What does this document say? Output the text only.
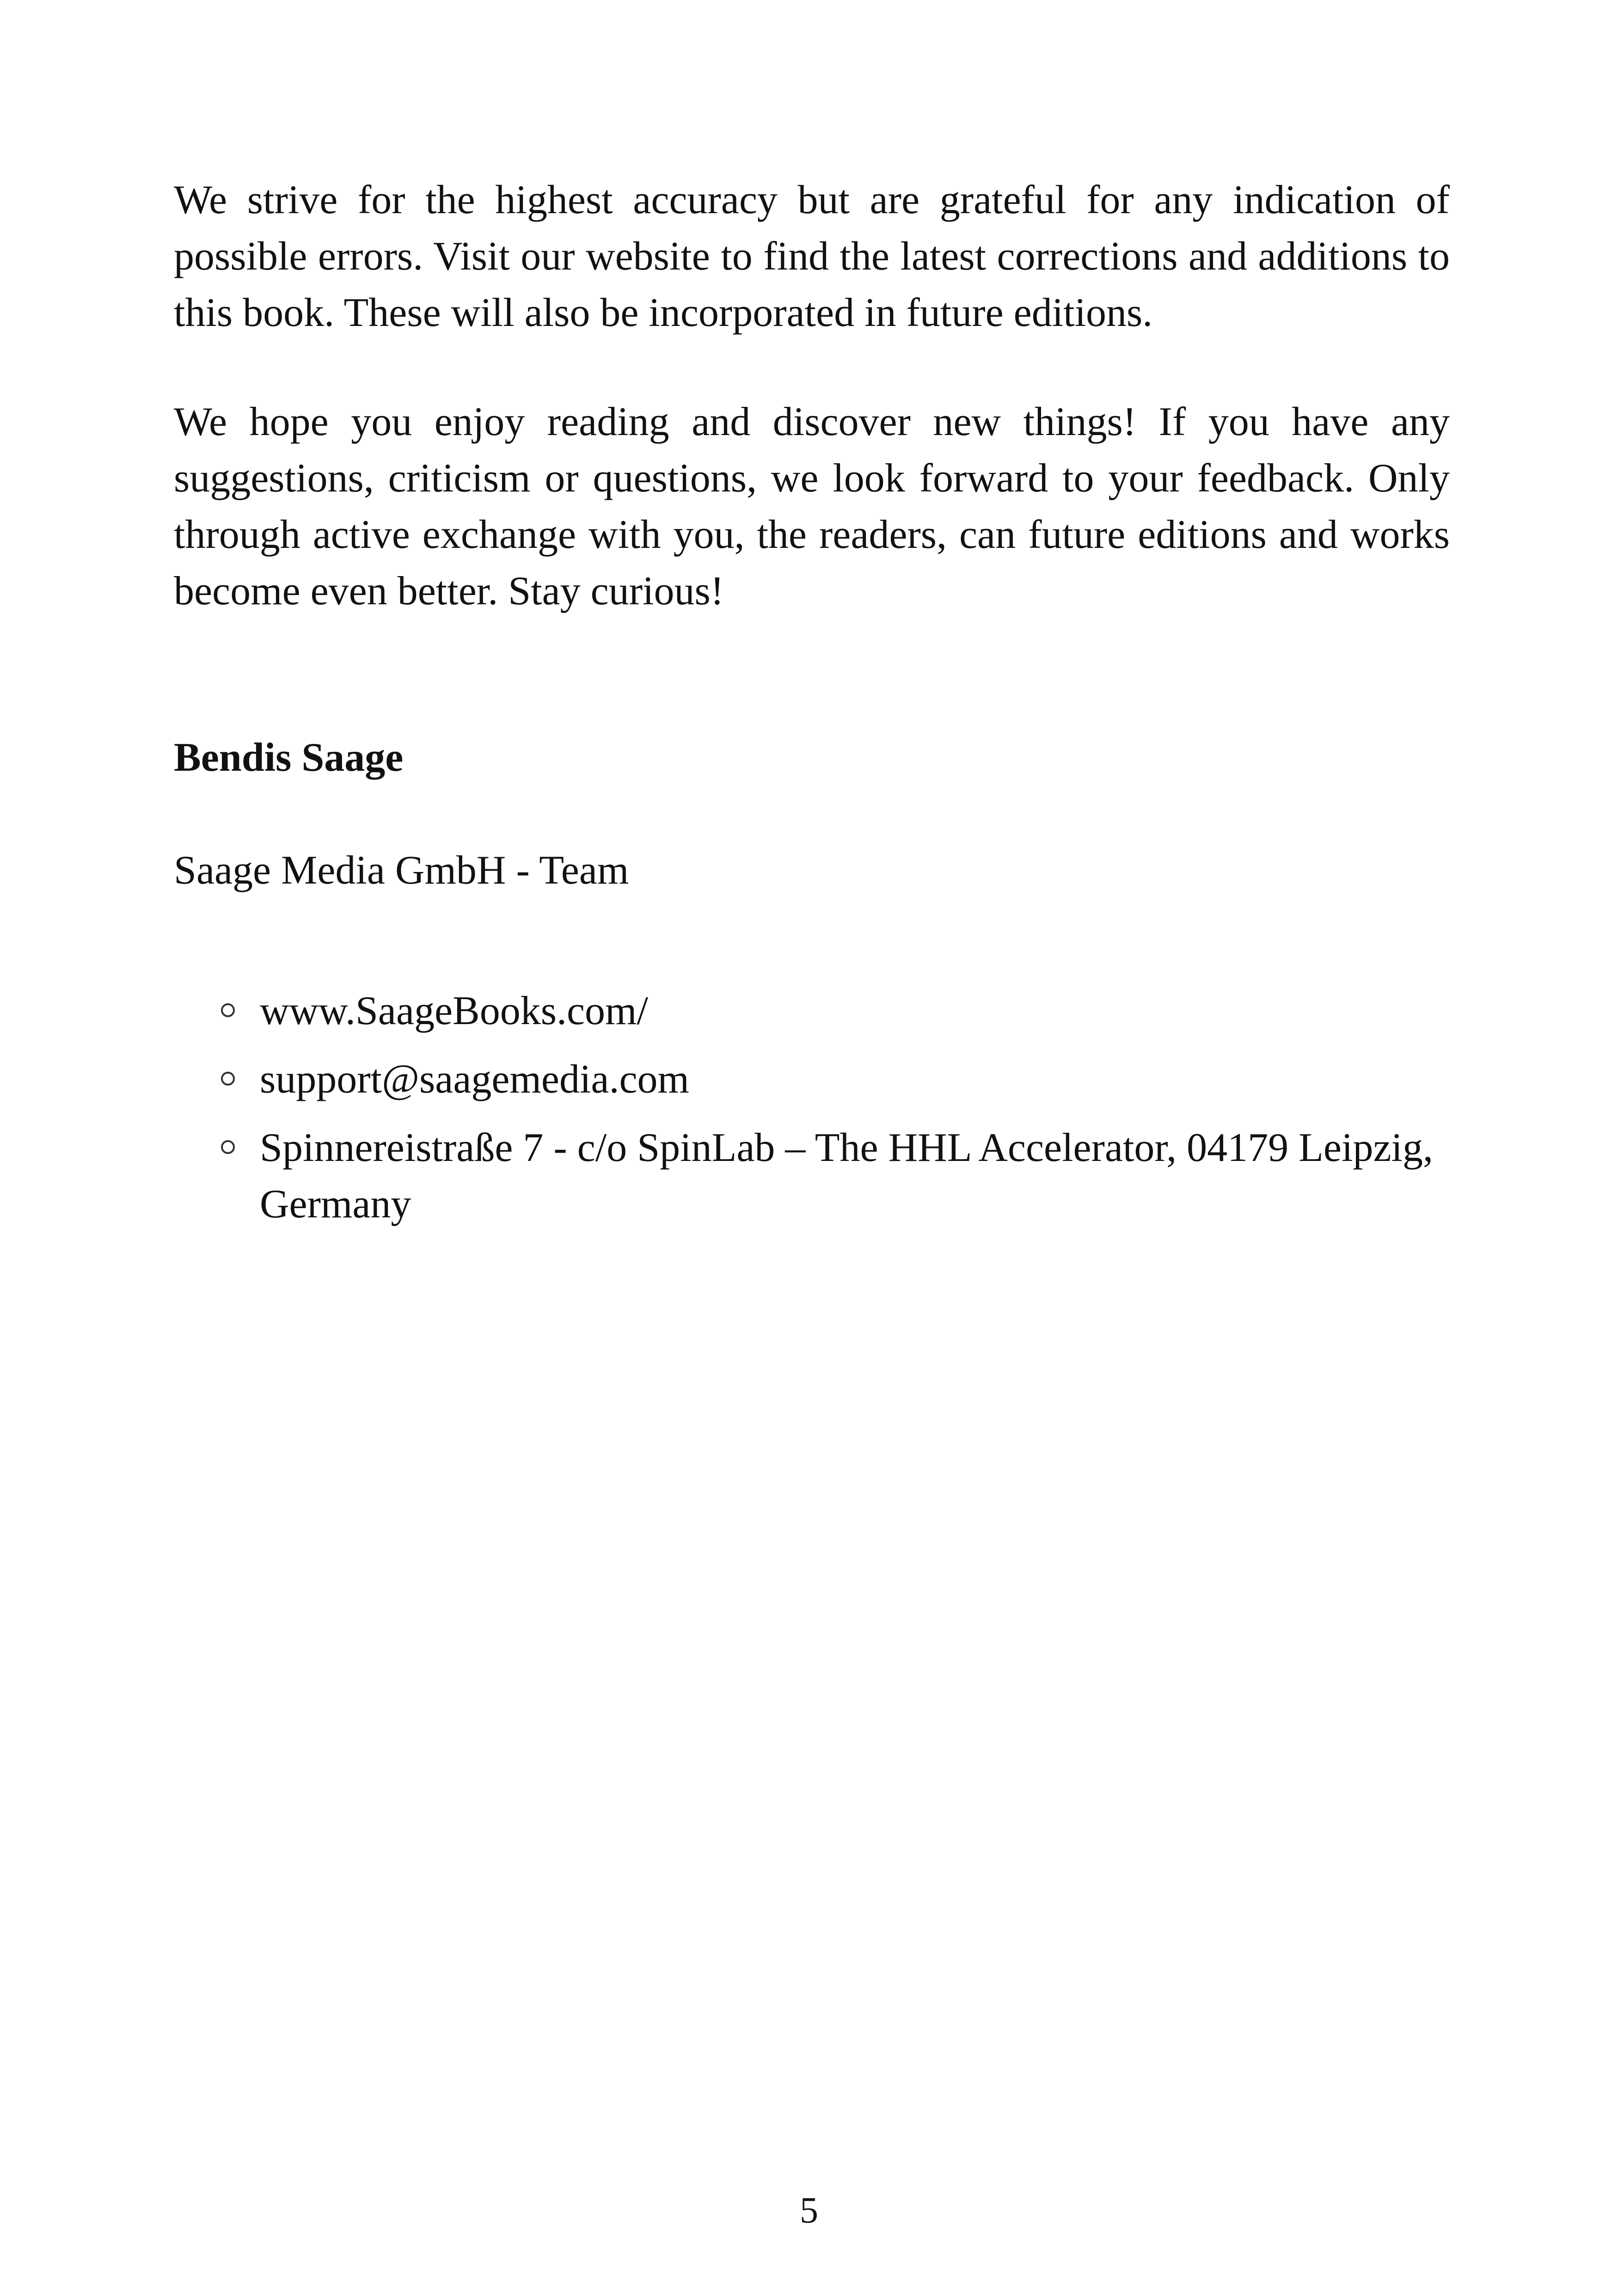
We strive for the highest accuracy but are grateful for any indication of possible errors. Visit our website to find the latest corrections and additions to this book. These will also be incorporated in future editions.

We hope you enjoy reading and discover new things! If you have any suggestions, criticism or questions, we look forward to your feedback. Only through active exchange with you, the readers, can future editions and works become even better. Stay curious!

Bendis Saage

Saage Media GmbH - Team

www.SaageBooks.com/
support@saagemedia.com
Spinnereistraße 7 - c/o SpinLab – The HHL Accelerator, 04179 Leipzig, Germany

5
